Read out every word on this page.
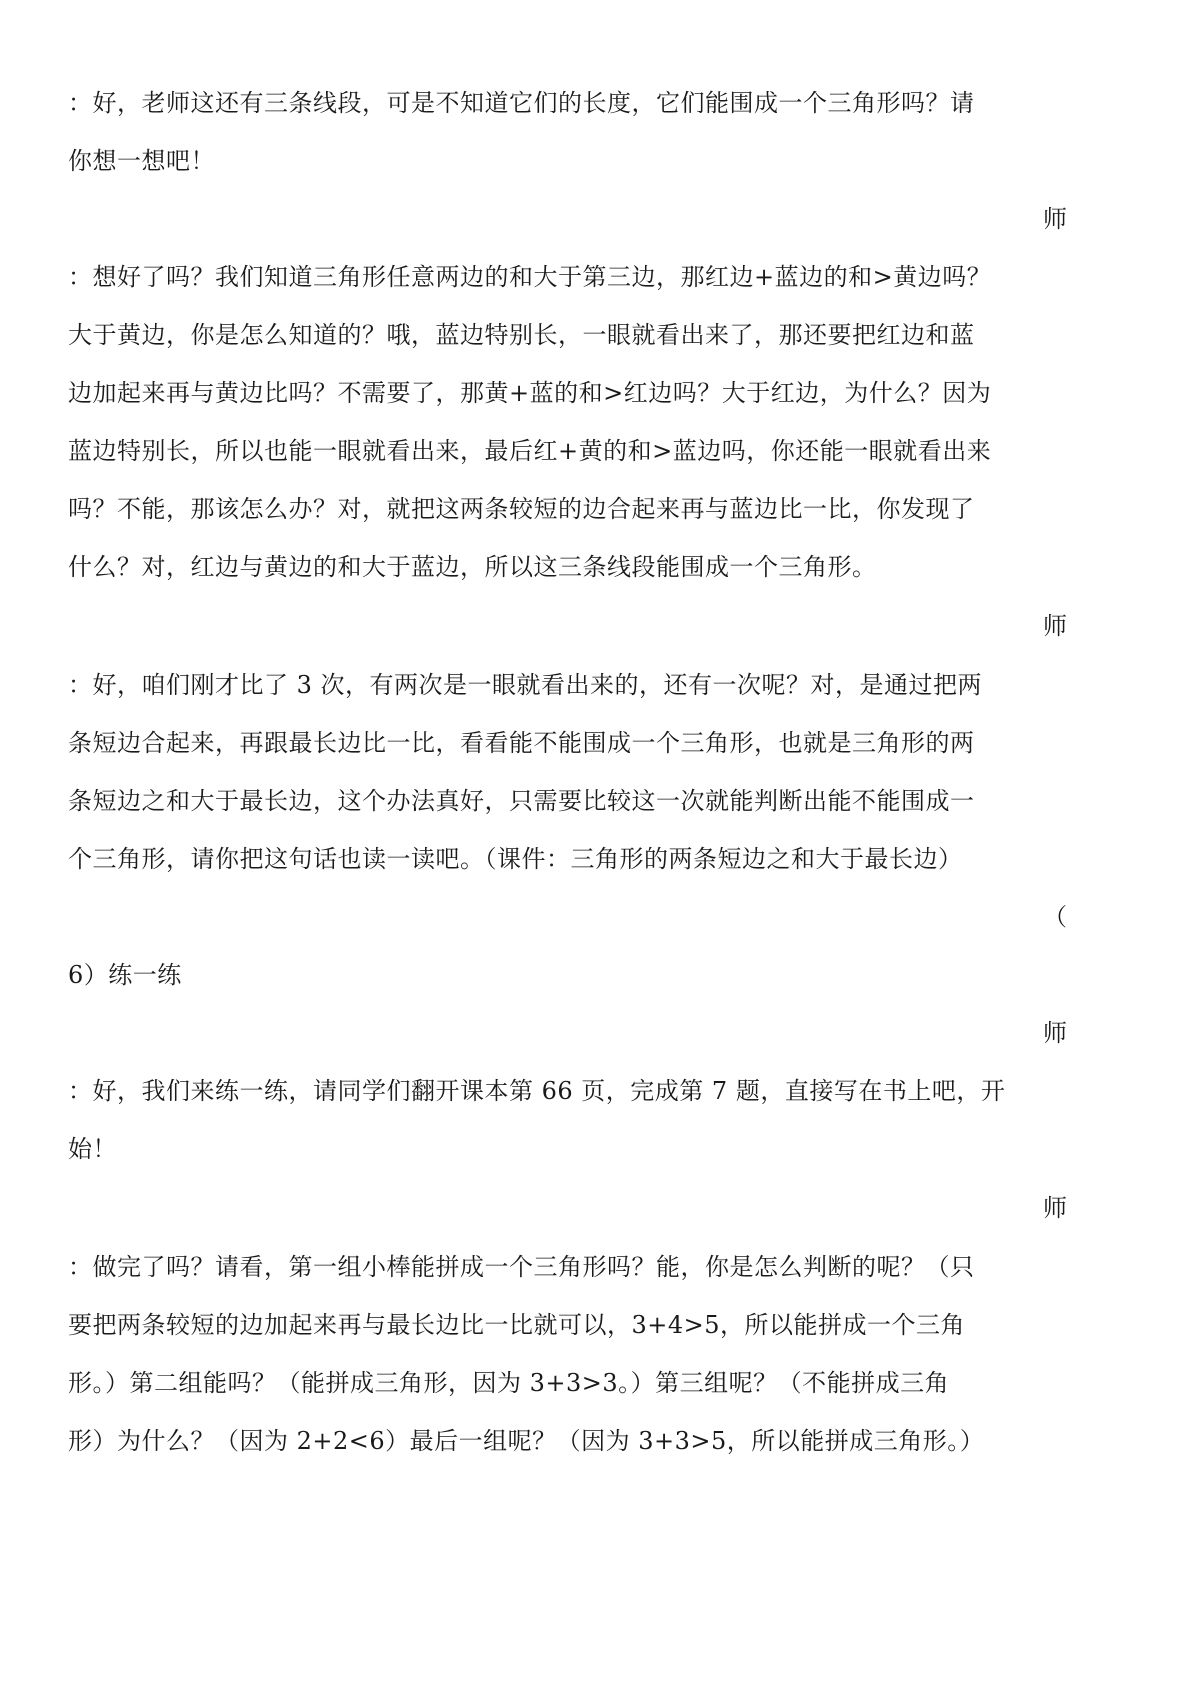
：好，老师这还有三条线段，可是不知道它们的长度，它们能围成一个三角形吗？请
你想一想吧！
师
：想好了吗？我们知道三角形任意两边的和大于第三边，那红边+蓝边的和>黄边吗？
大于黄边，你是怎么知道的？哦，蓝边特别长，一眼就看出来了，那还要把红边和蓝
边加起来再与黄边比吗？不需要了，那黄+蓝的和>红边吗？大于红边，为什么？因为
蓝边特别长，所以也能一眼就看出来，最后红+黄的和>蓝边吗，你还能一眼就看出来
吗？不能，那该怎么办？对，就把这两条较短的边合起来再与蓝边比一比，你发现了
什么？对，红边与黄边的和大于蓝边，所以这三条线段能围成一个三角形。
师
：好，咱们刚才比了 3 次，有两次是一眼就看出来的，还有一次呢？对，是通过把两
条短边合起来，再跟最长边比一比，看看能不能围成一个三角形，也就是三角形的两
条短边之和大于最长边，这个办法真好，只需要比较这一次就能判断出能不能围成一
个三角形，请你把这句话也读一读吧。（课件：三角形的两条短边之和大于最长边）
（
6）练一练
师
：好，我们来练一练，请同学们翻开课本第 66 页，完成第 7 题，直接写在书上吧，开
始！
师
：做完了吗？请看，第一组小棒能拼成一个三角形吗？能，你是怎么判断的呢？（只
要把两条较短的边加起来再与最长边比一比就可以，3+4>5，所以能拼成一个三角
形。）第二组能吗？（能拼成三角形，因为 3+3>3。）第三组呢？（不能拼成三角
形）为什么？（因为 2+2<6）最后一组呢？（因为 3+3>5，所以能拼成三角形。）
